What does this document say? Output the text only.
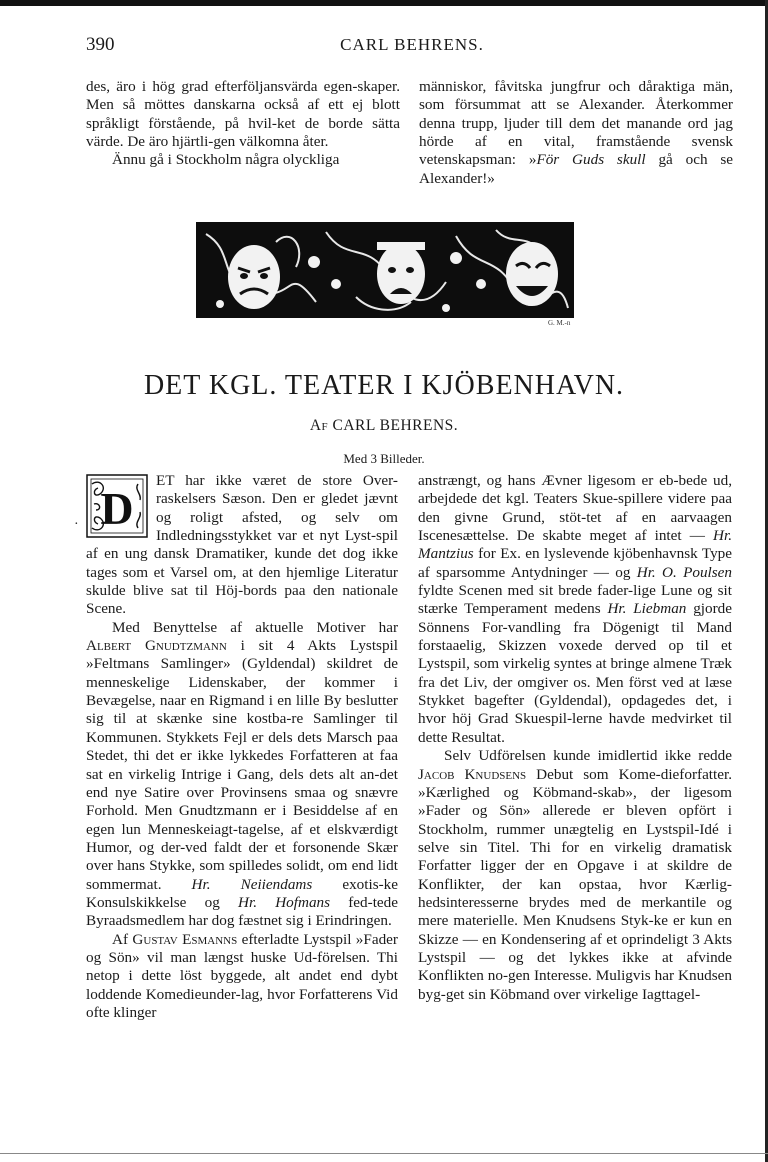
390	CARL BEHRENS.

des, äro i hög grad efterföljansvärda egen-skaper. Men så möttes danskarna också af ett ej blott språkligt förstående, på hvil-ket de borde sätta värde. De äro hjärtli-gen välkomna åter.

Ännu gå i Stockholm några olyckliga

människor, fåvitska jungfrur och dåraktiga män, som försummat att se Alexander. Återkommer denna trupp, ljuder till dem det manande ord jag hörde af en vital, framstående svensk vetenskapsman: »För Guds skull gå och se Alexander!»

G. M.-n
DET KGL. TEATER I KJÖBENHAVN.
Af CARL BEHRENS.
Med 3 Billeder.
· D

ET har ikke været de store Over-raskelsers Sæson. Den er gledet jævnt og roligt afsted, og selv om Indledningsstykket var et nyt Lyst-spil af en ung dansk Dramatiker, kunde det dog ikke tages som et Varsel om, at den hjemlige Literatur skulde blive sat til Höj-bords paa den nationale Scene.

Med Benyttelse af aktuelle Motiver har Albert Gnudtzmann i sit 4 Akts Lystspil »Feltmans Samlinger» (Gyldendal) skildret de menneskelige Lidenskaber, der kommer i Bevægelse, naar en Rigmand i en lille By beslutter sig til at skænke sine kostba-re Samlinger til Kommunen. Stykkets Fejl er dels dets Marsch paa Stedet, thi det er ikke lykkedes Forfatteren at faa sat en virkelig Intrige i Gang, dels dets alt an-det end nye Satire over Provinsens smaa og snævre Forhold. Men Gnudtzmann er i Besiddelse af en egen lun Menneskeiagt-tagelse, af et elskværdigt Humor, og der-ved faldt der et forsonende Skær over hans Stykke, som spilledes solidt, om end lidt sommermat. Hr. Neiiendams exotis-ke Konsulskikkelse og Hr. Hofmans fed-tede Byraadsmedlem har dog fæstnet sig i Erindringen.

Af Gustav Esmanns efterladte Lystspil »Fader og Sön» vil man længst huske Ud-förelsen. Thi netop i dette löst byggede, alt andet end dybt loddende Komedieunder-lag, hvor Forfatterens Vid ofte klinger

anstrængt, og hans Ævner ligesom er eb-bede ud, arbejdede det kgl. Teaters Skue-spillere videre paa den givne Grund, stöt-tet af en aarvaagen Iscenesættelse. De skabte meget af intet — Hr. Mantzius for Ex. en lyslevende kjöbenhavnsk Type af sparsomme Antydninger — og Hr. O. Poulsen fyldte Scenen med sit brede fader-lige Lune og sit stærke Temperament medens Hr. Liebman gjorde Sönnens For-vandling fra Dögenigt til Mand forstaaelig, Skizzen voxede derved op til et Lystspil, som virkelig syntes at bringe almene Træk fra det Liv, der omgiver os. Men först ved at læse Stykket bagefter (Gyldendal), opdagedes det, i hvor höj Grad Skuespil-lerne havde medvirket til dette Resultat.

Selv Udförelsen kunde imidlertid ikke redde Jacob Knudsens Debut som Kome-dieforfatter. »Kærlighed og Köbmand-skab», der ligesom »Fader og Sön» allerede er bleven opfört i Stockholm, rummer unægtelig en Lystspil-Idé i selve sin Titel. Thi for en virkelig dramatisk Forfatter ligger der en Opgave i at skildre de Konflikter, der kan opstaa, hvor Kærlig-hedsinteresserne brydes med de merkantile og mere materielle. Men Knudsens Styk-ke er kun en Skizze — en Kondensering af et oprindeligt 3 Akts Lystspil — og det lykkes ikke at afvinde Konflikten no-gen Interesse. Muligvis har Knudsen byg-get sin Köbmand over virkelige Iagttagel-
